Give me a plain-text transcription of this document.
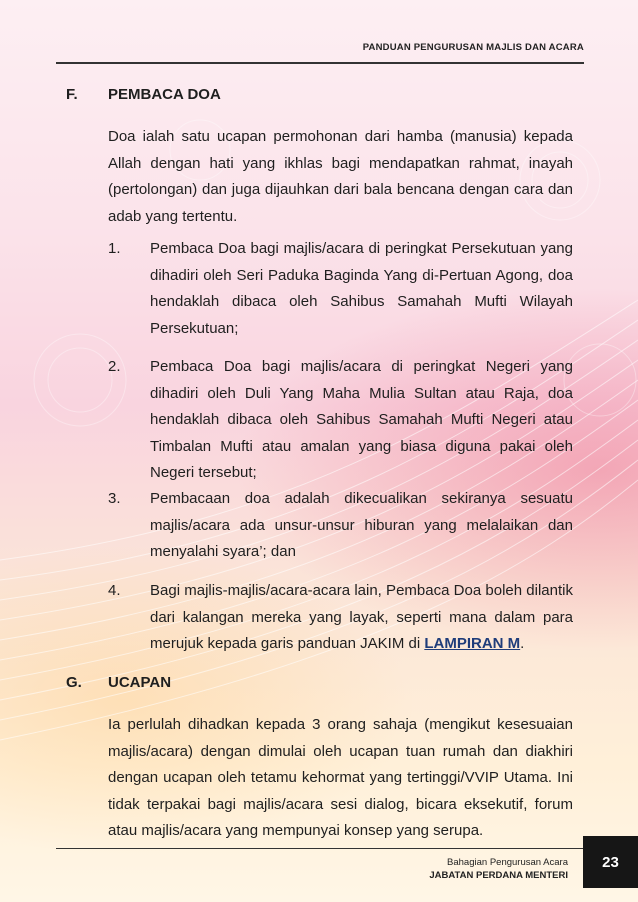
PANDUAN PENGURUSAN MAJLIS DAN ACARA
F. PEMBACA DOA

Doa ialah satu ucapan permohonan dari hamba (manusia) kepada Allah dengan hati yang ikhlas bagi mendapatkan rahmat, inayah (pertolongan) dan juga dijauhkan dari bala bencana dengan cara dan adab yang tertentu.

1. Pembaca Doa bagi majlis/acara di peringkat Persekutuan yang dihadiri oleh Seri Paduka Baginda Yang di-Pertuan Agong, doa hendaklah dibaca oleh Sahibus Samahah Mufti Wilayah Persekutuan;

2. Pembaca Doa bagi majlis/acara di peringkat Negeri yang dihadiri oleh Duli Yang Maha Mulia Sultan atau Raja, doa hendaklah dibaca oleh Sahibus Samahah Mufti Negeri atau Timbalan Mufti atau amalan yang biasa diguna pakai oleh Negeri tersebut;

3. Pembacaan doa adalah dikecualikan sekiranya sesuatu majlis/acara ada unsur-unsur hiburan yang melalaikan dan menyalahi syara’; dan

4. Bagi majlis-majlis/acara-acara lain, Pembaca Doa boleh dilantik dari kalangan mereka yang layak, seperti mana dalam para merujuk kepada garis panduan JAKIM di LAMPIRAN M.

G. UCAPAN

Ia perlulah dihadkan kepada 3 orang sahaja (mengikut kesesuaian majlis/acara) dengan dimulai oleh ucapan tuan rumah dan diakhiri dengan ucapan oleh tetamu kehormat yang tertinggi/VVIP Utama. Ini tidak terpakai bagi majlis/acara sesi dialog, bicara eksekutif, forum atau majlis/acara yang mempunyai konsep yang serupa.

Bahagian Pengurusan Acara
JABATAN PERDANA MENTERI
23
